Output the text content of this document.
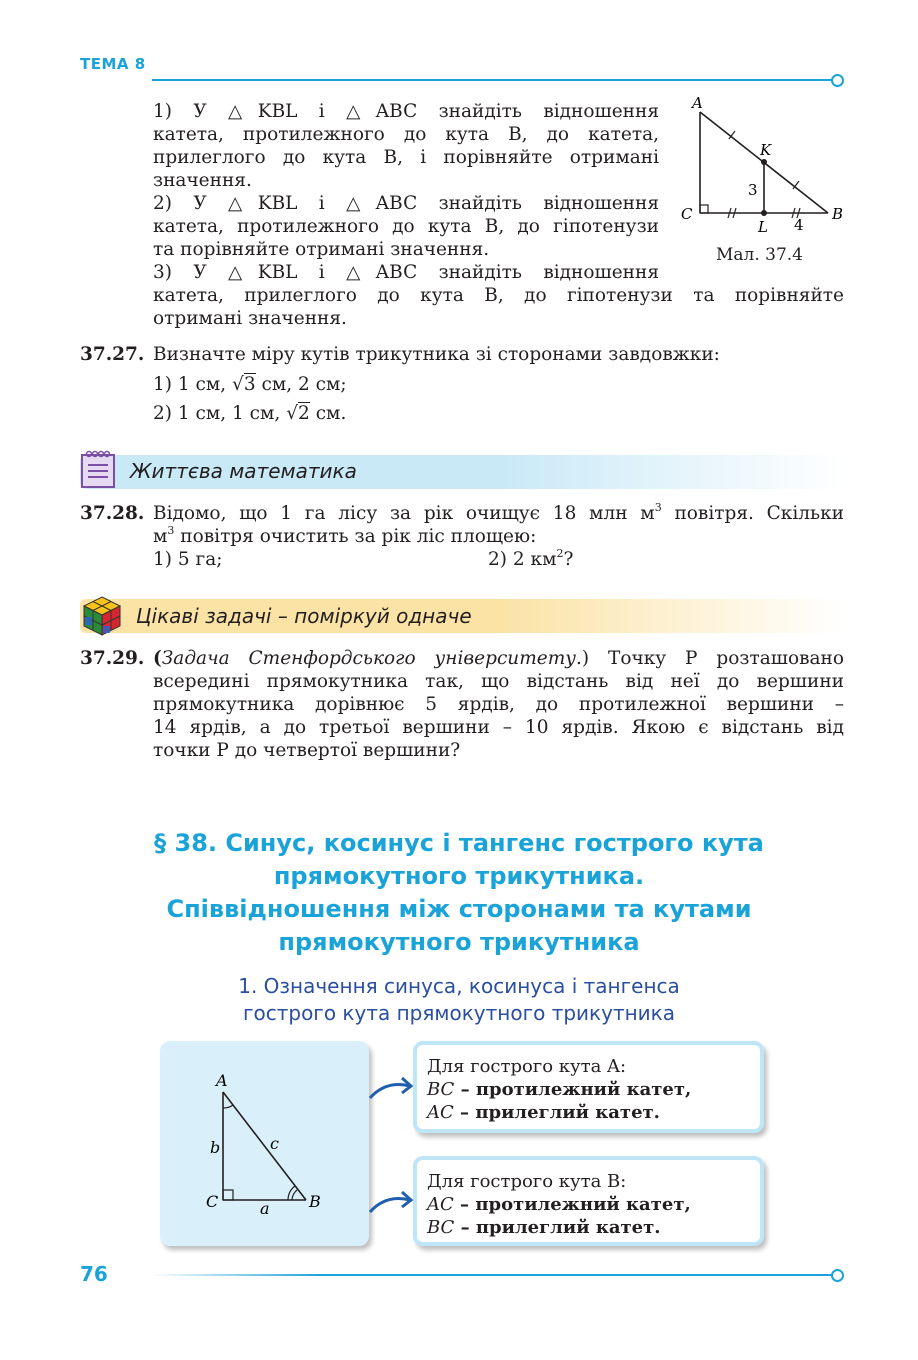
ТЕМА 8
1) У △KBL і △ABC знайдіть відношення
катета, протилежного до кута B, до катета,
прилеглого до кута B, і порівняйте отримані
значення.
2) У △KBL і △ABC знайдіть відношення
катета, протилежного до кута B, до гіпотенузи
та порівняйте отримані значення.
3) У △KBL і △ABC знайдіть відношення
катета, прилеглого до кута B, до гіпотенузи та порівняйте
отримані значення.
A
K
C
L
B
3
4
Мал. 37.4
37.27. Визначте міру кутів трикутника зі сторонами завдовжки:
1) 1 см, √3 см, 2 см;
2) 1 см, 1 см, √2 см.
Життєва математика
37.28. Відомо, що 1 га лісу за рік очищує 18 млн $м^3$ повітря. Скільки
$м^3$ повітря очистить за рік ліс площею:
1) 5 га;	2) 2 $км^2$?
Цікаві задачі – поміркуй одначе
37.29. (Задача Стенфордського університету.) Точку P розташовано
всередині прямокутника так, що відстань від неї до вершини
прямокутника дорівнює 5 ярдів, до протилежної вершини –
14 ярдів, а до третьої вершини – 10 ярдів. Якою є відстань від
точки P до четвертої вершини?
§ 38. Синус, косинус і тангенс гострого кута
прямокутного трикутника.
Співвідношення між сторонами та кутами
прямокутного трикутника
1. Означення синуса, косинуса і тангенса
гострого кута прямокутного трикутника
A
b	c
C	a B
Для гострого кута A:
BC – протилежний катет,
AC – прилеглий катет.
Для гострого кута B:
AC – протилежний катет,
BC – прилеглий катет.
76
